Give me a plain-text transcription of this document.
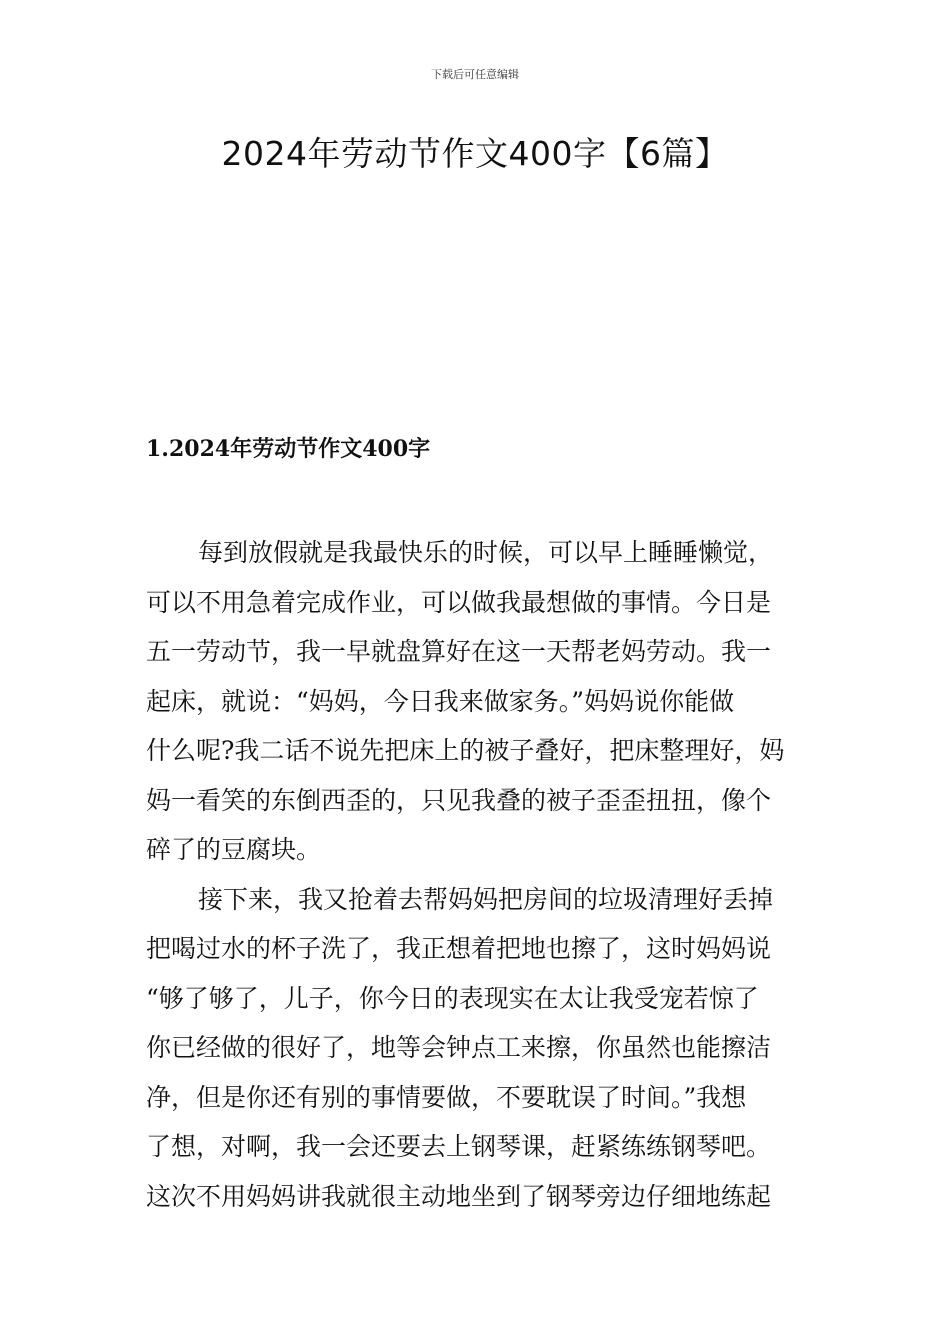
下载后可任意编辑
2024年劳动节作文400字【6篇】
1.2024年劳动节作文400字

每到放假就是我最快乐的时候，可以早上睡睡懒觉，
可以不用急着完成作业，可以做我最想做的事情。今日是
五一劳动节，我一早就盘算好在这一天帮老妈劳动。我一
起床，就说：“妈妈，今日我来做家务。”妈妈说你能做
什么呢?我二话不说先把床上的被子叠好，把床整理好，妈
妈一看笑的东倒西歪的，只见我叠的被子歪歪扭扭，像个
碎了的豆腐块。

接下来，我又抢着去帮妈妈把房间的垃圾清理好丢掉
把喝过水的杯子洗了，我正想着把地也擦了，这时妈妈说
“够了够了，儿子，你今日的表现实在太让我受宠若惊了
你已经做的很好了，地等会钟点工来擦，你虽然也能擦洁
净，但是你还有别的事情要做，不要耽误了时间。”我想
了想，对啊，我一会还要去上钢琴课，赶紧练练钢琴吧。
这次不用妈妈讲我就很主动地坐到了钢琴旁边仔细地练起
